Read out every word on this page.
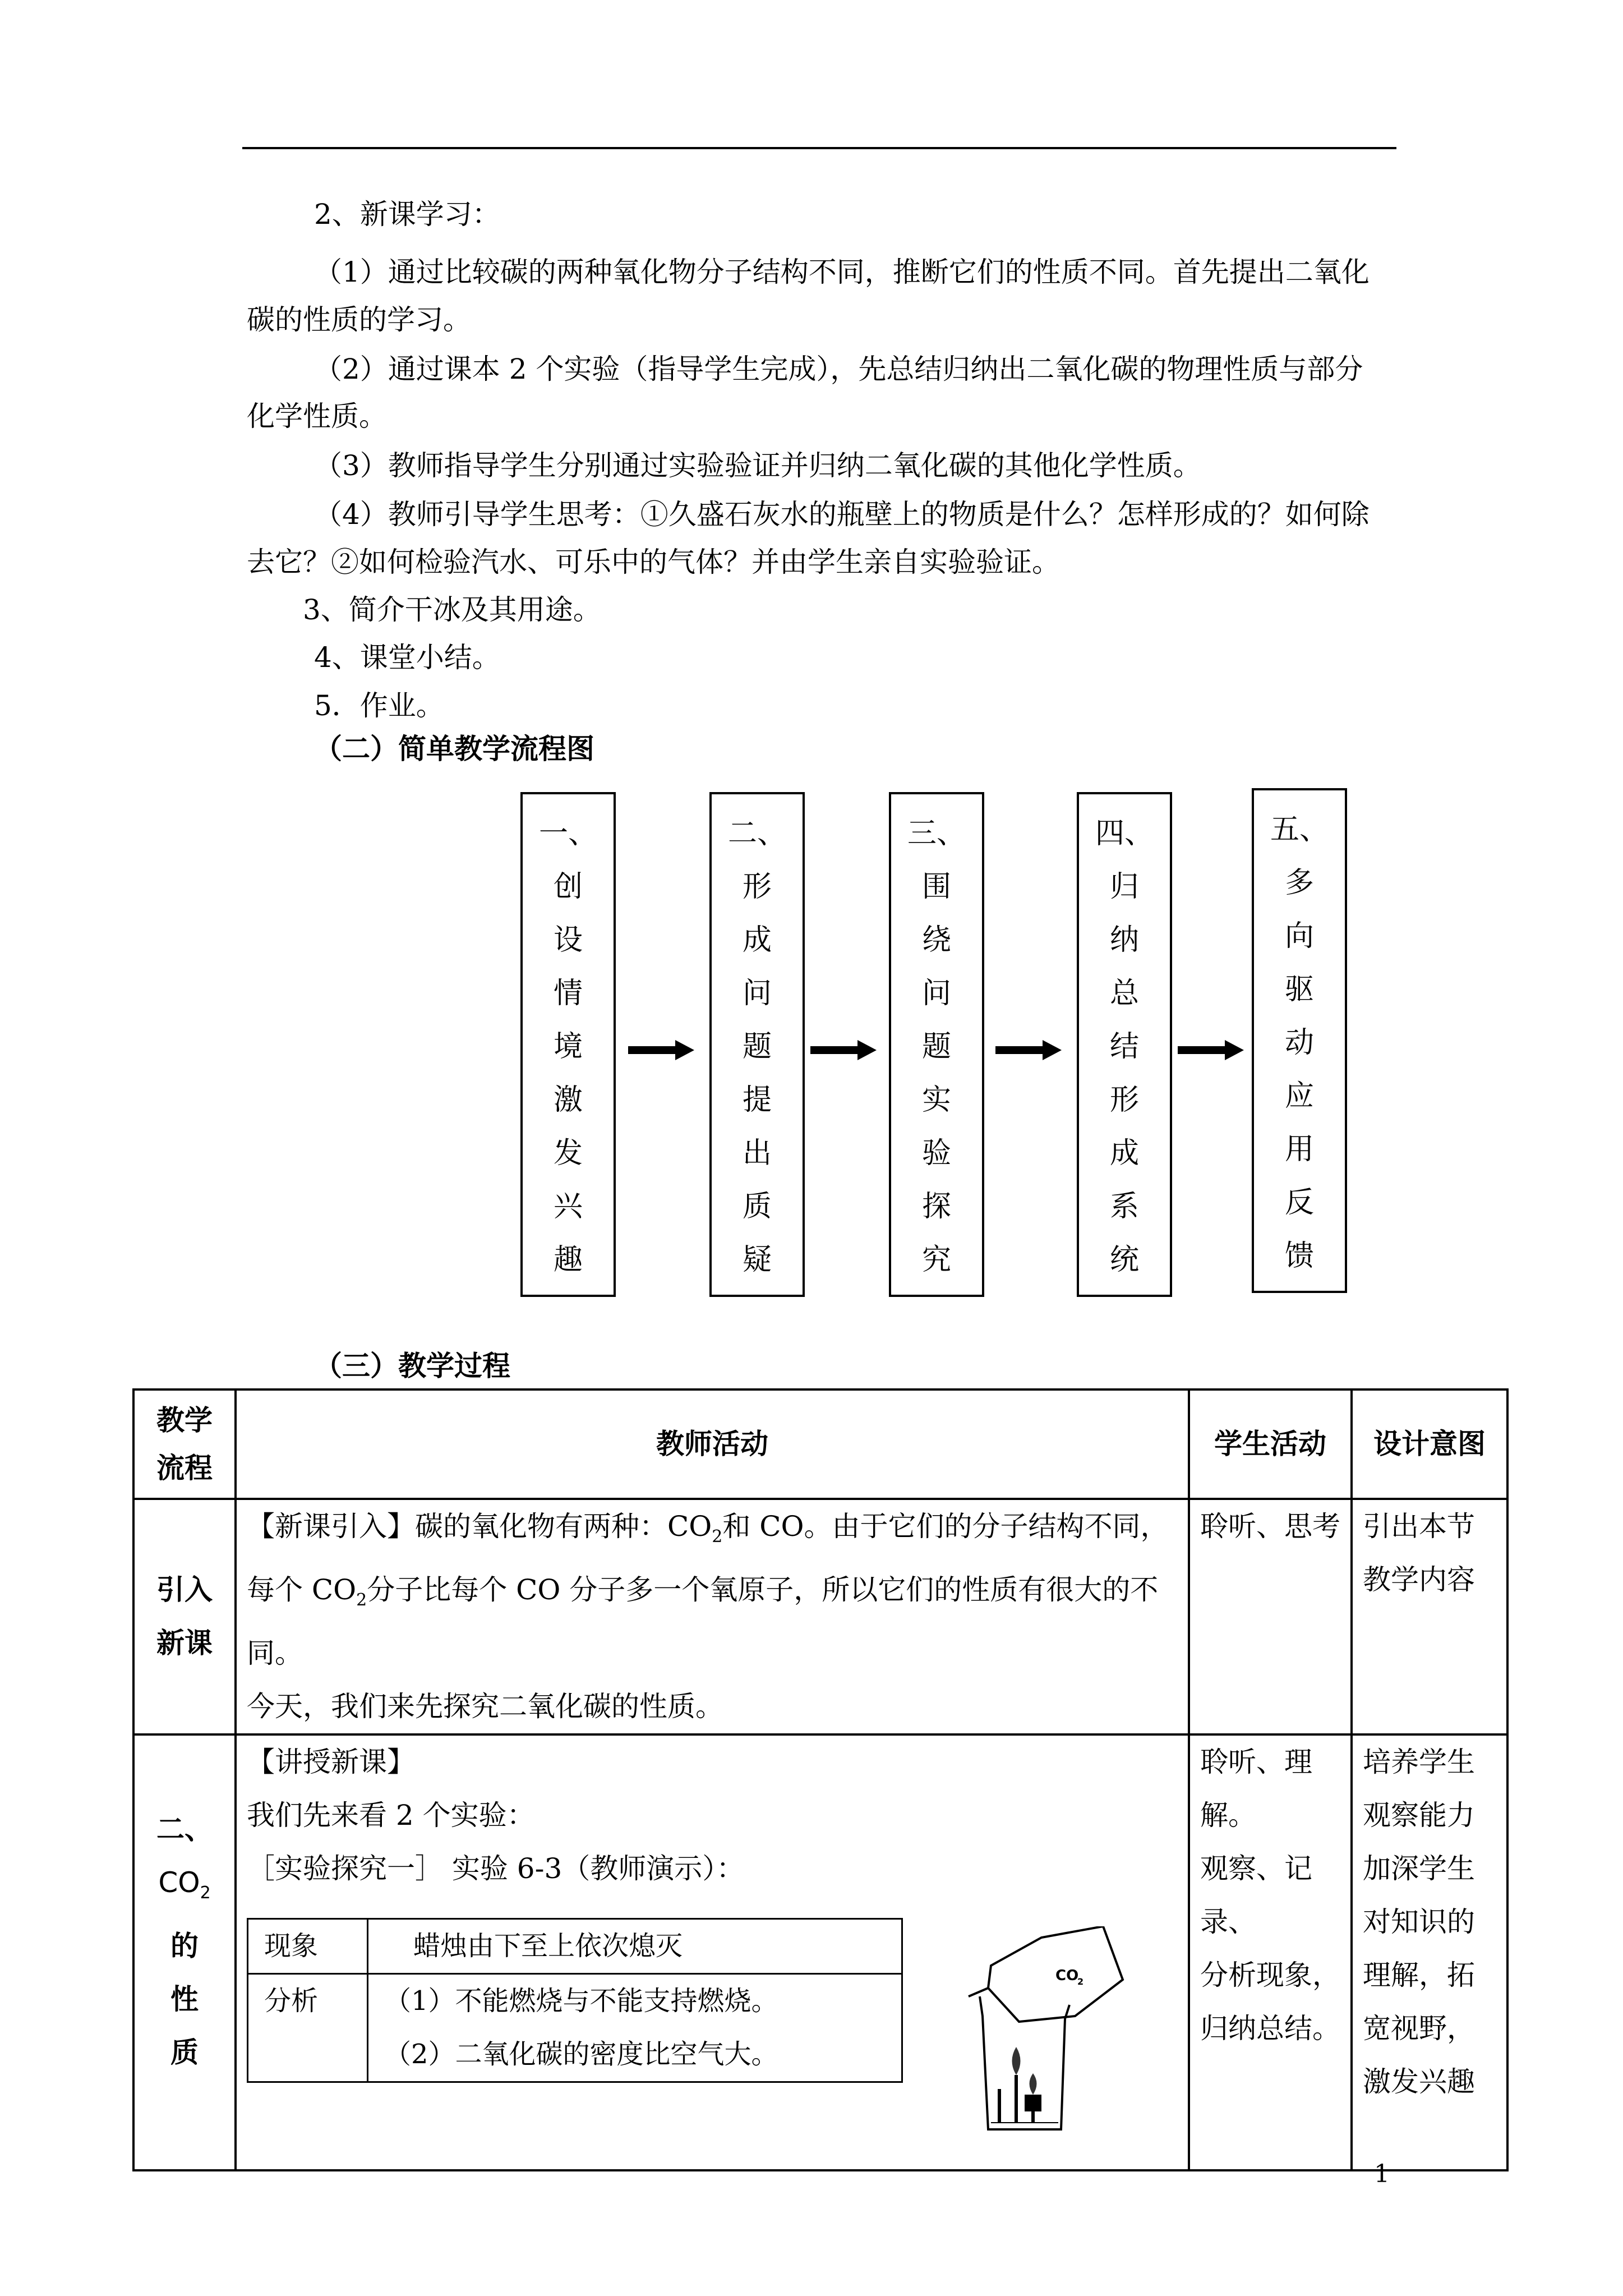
2、新课学习：
（1）通过比较碳的两种氧化物分子结构不同，推断它们的性质不同。首先提出二氧化
碳的性质的学习。
（2）通过课本 2 个实验（指导学生完成），先总结归纳出二氧化碳的物理性质与部分
化学性质。
（3）教师指导学生分别通过实验验证并归纳二氧化碳的其他化学性质。
（4）教师引导学生思考：①久盛石灰水的瓶壁上的物质是什么？怎样形成的？如何除
去它？②如何检验汽水、可乐中的气体？并由学生亲自实验验证。
3、简介干冰及其用途。
4、课堂小结。
5．作业。
（二）简单教学流程图
一、
创
设
情
境
激
发
兴
趣
二、
形
成
问
题
提
出
质
疑
三、
围
绕
问
题
实
验
探
究
四、
归
纳
总
结
形
成
系
统
五、
多
向
驱
动
应
用
反
馈
（三）教学过程
教学
流程	教师活动	学生活动	设计意图
引入
新课	
【新课引入】碳的氧化物有两种：$CO_2$和 CO。由于它们的分子结构不同，
每个 $CO_2$分子比每个 CO 分子多一个氧原子，所以它们的性质有很大的不同。
今天，我们来先探究二氧化碳的性质。
	聆听、思考	引出本节
教学内容

二、
$CO_2$
的
性
质

【讲授新课】
我们先来看 2 个实验：
［实验探究一］ 实验 6-3（教师演示）：
现象	蜡烛由下至上依次熄灭
分析	（1）不能燃烧与不能支持燃烧。
（2）二氧化碳的密度比空气大。
CO
2
	聆听、理解。
观察、记录、
分析现象，
归纳总结。	培养学生
观察能力
加深学生
对知识的
理解，拓
宽视野，
激发兴趣
1
